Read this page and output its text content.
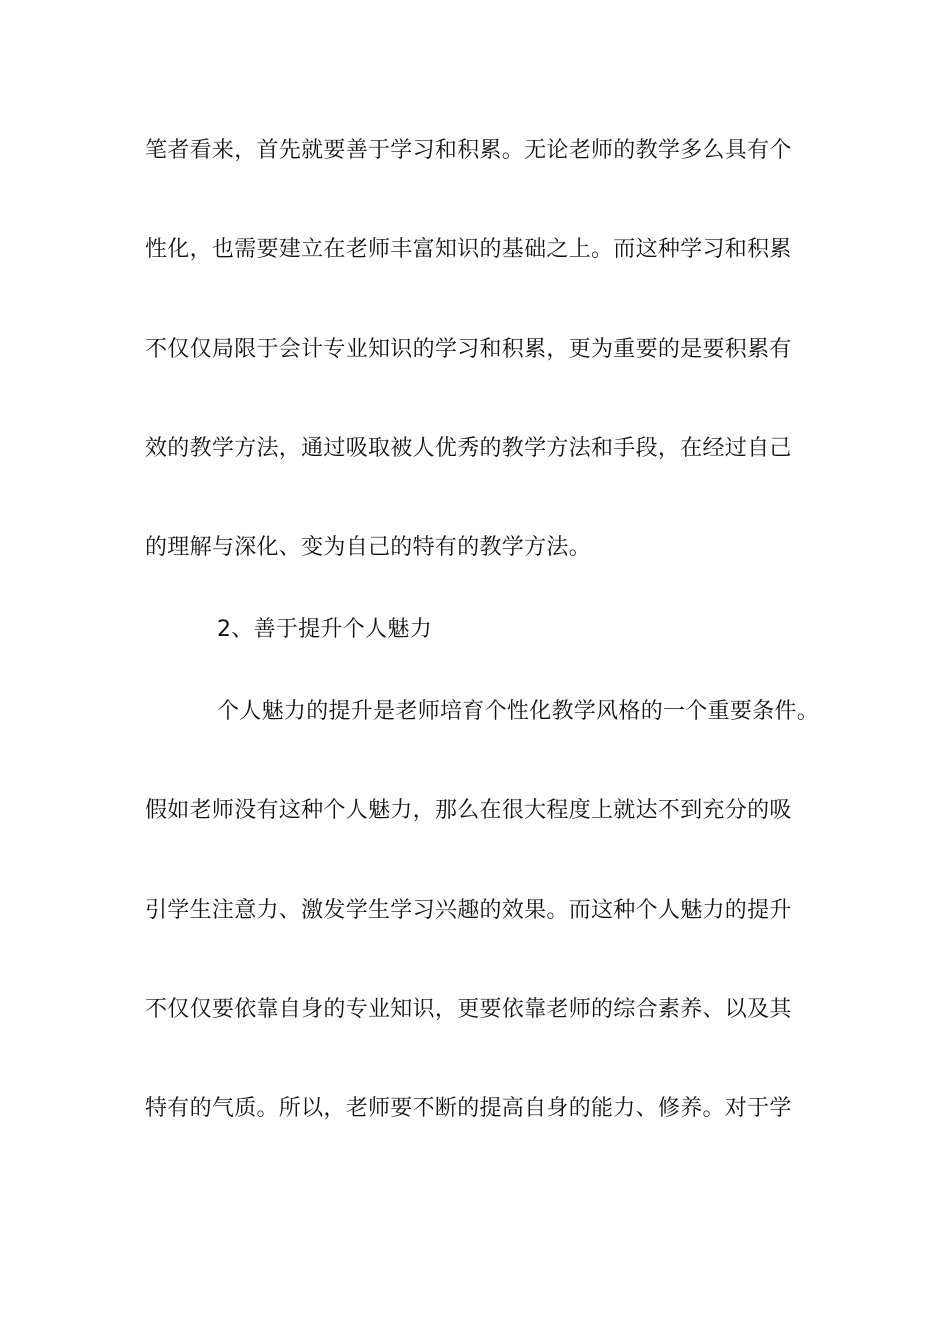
笔者看来，首先就要善于学习和积累。无论老师的教学多么具有个
性化，也需要建立在老师丰富知识的基础之上。而这种学习和积累
不仅仅局限于会计专业知识的学习和积累，更为重要的是要积累有
效的教学方法，通过吸取被人优秀的教学方法和手段，在经过自己
的理解与深化、变为自己的特有的教学方法。
2、善于提升个人魅力
个人魅力的提升是老师培育个性化教学风格的一个重要条件。
假如老师没有这种个人魅力，那么在很大程度上就达不到充分的吸
引学生注意力、激发学生学习兴趣的效果。而这种个人魅力的提升
不仅仅要依靠自身的专业知识，更要依靠老师的综合素养、以及其
特有的气质。所以，老师要不断的提高自身的能力、修养。对于学
